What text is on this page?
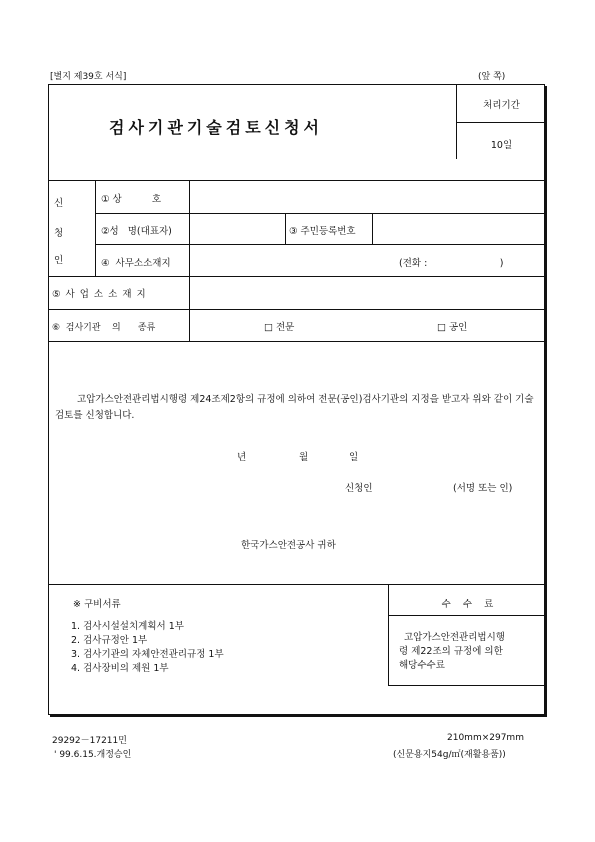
[별지 제39호 서식]	(앞 쪽)
검사기관기술검토신청서
처리기간
10일
신
청
인
① 상          호
②성   명(대표자)	③ 주민등록번호
④  사무소소재지	(전화 :                        )
⑤ 사 업 소 소 재 지
⑥  검사기관    의      종류	□ 전문	□ 공인
고압가스안전관리법시행령 제24조제2항의 규정에 의하여 전문(공인)검사기관의 지정을 받고자 위와 같이 기술검토를 신청합니다.
년	월	일
신청인	(서명 또는 인)
한국가스안전공사 귀하
※ 구비서류
1. 검사시설설치계획서 1부
2. 검사규정안 1부
3. 검사기관의 자체안전관리규정 1부
4. 검사장비의 제원 1부
수    수    료
고압가스안전관리법시행
령 제22조의 규정에 의한
해당수수료
29292－17211민
' 99.6.15.개정승인
210mm×297mm
(신문용지54g/㎡(재활용품))
